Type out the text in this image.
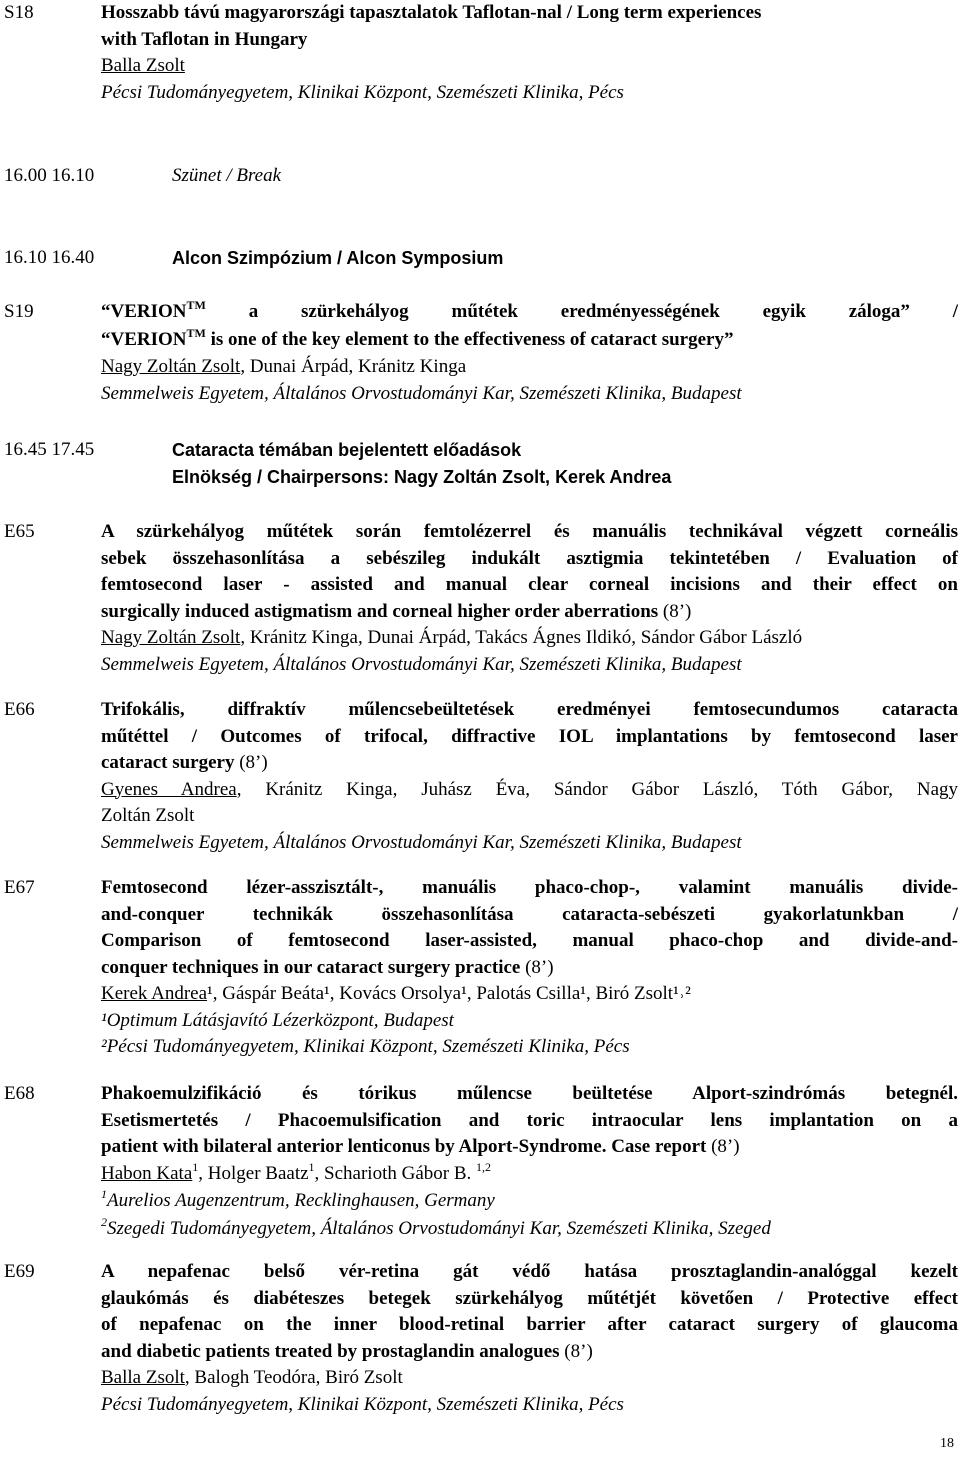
S18	Hosszabb távú magyarországi tapasztalatok Taflotan-nal / Long term experiences
with Taflotan in Hungary
Balla Zsolt
Pécsi Tudományegyetem, Klinikai Központ, Szemészeti Klinika, Pécs
16.00 16.10	Szünet / Break
16.10 16.40	Alcon Szimpózium / Alcon Symposium
S19	“VERION™ a szürkehályog műtétek eredményességének egyik záloga” /
“VERION™ is one of the key element to the effectiveness of cataract surgery”
Nagy Zoltán Zsolt, Dunai Árpád, Kránitz Kinga
Semmelweis Egyetem, Általános Orvostudományi Kar, Szemészeti Klinika, Budapest
16.45 17.45	Cataracta témában bejelentett előadások
Elnökség / Chairpersons: Nagy Zoltán Zsolt, Kerek Andrea
E65	A szürkehályog műtétek során femtolézerrel és manuális technikával végzett corneális
sebek összehasonlítása a sebészileg indukált asztigmia tekintetében / Evaluation of
femtosecond laser - assisted and manual clear corneal incisions and their effect on
surgically induced astigmatism and corneal higher order aberrations (8’)
Nagy Zoltán Zsolt, Kránitz Kinga, Dunai Árpád, Takács Ágnes Ildikó, Sándor Gábor László
Semmelweis Egyetem, Általános Orvostudományi Kar, Szemészeti Klinika, Budapest
E66	Trifokális, diffraktív műlencsebeültetések eredményei femtosecundumos cataracta
műtéttel / Outcomes of trifocal, diffractive IOL implantations by femtosecond laser
cataract surgery (8’)
Gyenes Andrea, Kránitz Kinga, Juhász Éva, Sándor Gábor László, Tóth Gábor, Nagy
Zoltán Zsolt
Semmelweis Egyetem, Általános Orvostudományi Kar, Szemészeti Klinika, Budapest
E67	Femtosecond lézer-asszisztált-, manuális phaco-chop-, valamint manuális divide-
and-conquer technikák összehasonlítása cataracta-sebészeti gyakorlatunkban /
Comparison of femtosecond laser-assisted, manual phaco-chop and divide-and-
conquer techniques in our cataract surgery practice (8’)
Kerek Andrea¹, Gáspár Beáta¹, Kovács Orsolya¹, Palotás Csilla¹, Biró Zsolt¹˒²
¹Optimum Látásjavító Lézerközpont, Budapest
²Pécsi Tudományegyetem, Klinikai Központ, Szemészeti Klinika, Pécs
E68	Phakoemulzifikáció és tórikus műlencse beültetése Alport-szindrómás betegnél.
Esetismertetés / Phacoemulsification and toric intraocular lens implantation on a
patient with bilateral anterior lenticonus by Alport-Syndrome. Case report (8’)
Habon Kata$^1$, Holger Baatz$^1$, Scharioth Gábor B. $^{1,2}$
$^1$Aurelios Augenzentrum, Recklinghausen, Germany
$^2$Szegedi Tudományegyetem, Általános Orvostudományi Kar, Szemészeti Klinika, Szeged
E69	A nepafenac belső vér-retina gát védő hatása prosztaglandin-analóggal kezelt
glaukómás és diabéteszes betegek szürkehályog műtétjét követően / Protective effect
of nepafenac on the inner blood-retinal barrier after cataract surgery of glaucoma
and diabetic patients treated by prostaglandin analogues (8’)
Balla Zsolt, Balogh Teodóra, Biró Zsolt
Pécsi Tudományegyetem, Klinikai Központ, Szemészeti Klinika, Pécs
18
